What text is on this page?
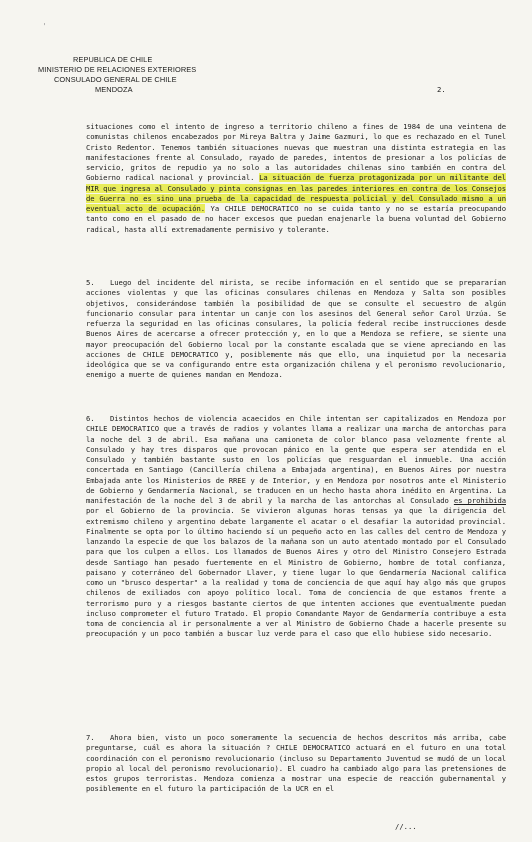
'
REPUBLICA DE CHILE
MINISTERIO DE RELACIONES EXTERIORES
CONSULADO GENERAL DE CHILE
MENDOZA	2.
situaciones como el intento de ingreso a territorio chileno a fines de 1984 de una veintena de comunistas chilenos encabezados por Mireya Baltra y Jaime Gazmuri, lo que es rechazado en el Tunel Cristo Redentor. Tenemos también situaciones nuevas que muestran una distinta estrategia en las manifestaciones frente al Consulado, rayado de paredes, intentos de presionar a los policías de servicio, gritos de repudio ya no solo a las autoridades chilenas sino también en contra del Gobierno radical nacional y provincial. La situación de fuerza protagonizada por un militante del MIR que ingresa al Consulado y pinta consignas en las paredes interiores en contra de los Consejos de Guerra no es sino una prueba de la capacidad de respuesta policial y del Consulado mismo a un eventual acto de ocupación. Ya CHILE DEMOCRATICO no se cuida tanto y no se estaría preocupando tanto como en el pasado de no hacer excesos que puedan enajenarle la buena voluntad del Gobierno radical, hasta allí extremadamente permisivo y tolerante.
5. Luego del incidente del mirista, se recibe información en el sentido que se prepararían acciones violentas y que las oficinas consulares chilenas en Mendoza y Salta son posibles objetivos, considerándose también la posibilidad de que se consulte el secuestro de algún funcionario consular para intentar un canje con los asesinos del General señor Carol Urzúa. Se refuerza la seguridad en las oficinas consulares, la policía federal recibe instrucciones desde Buenos Aires de acercarse a ofrecer protección y, en lo que a Mendoza se refiere, se siente una mayor preocupación del Gobierno local por la constante escalada que se viene apreciando en las acciones de CHILE DEMOCRATICO y, posiblemente más que ello, una inquietud por la necesaria ideológica que se va configurando entre esta organización chilena y el peronismo revolucionario, enemigo a muerte de quienes mandan en Mendoza.
6. Distintos hechos de violencia acaecidos en Chile intentan ser capitalizados en Mendoza por CHILE DEMOCRATICO que a través de radios y volantes llama a realizar una marcha de antorchas para la noche del 3 de abril. Esa mañana una camioneta de color blanco pasa velozmente frente al Consulado y hay tres disparos que provocan pánico en la gente que espera ser atendida en el Consulado y también bastante susto en los policías que resguardan el inmueble. Una acción concertada en Santiago (Cancillería chilena a Embajada argentina), en Buenos Aires por nuestra Embajada ante los Ministerios de RREE y de Interior, y en Mendoza por nosotros ante el Ministerio de Gobierno y Gendarmería Nacional, se traducen en un hecho hasta ahora inédito en Argentina. La manifestación de la noche del 3 de abril y la marcha de las antorchas al Consulado es prohibida por el Gobierno de la provincia. Se vivieron algunas horas tensas ya que la dirigencia del extremismo chileno y argentino debate largamente el acatar o el desafiar la autoridad provincial. Finalmente se opta por lo último haciendo sí un pequeño acto en las calles del centro de Mendoza y lanzando la especie de que los balazos de la mañana son un auto atentado montado por el Consulado para que los culpen a ellos. Los llamados de Buenos Aires y otro del Ministro Consejero Estrada desde Santiago han pesado fuertemente en el Ministro de Gobierno, hombre de total confianza, paisano y coterráneo del Gobernador Llaver, y tiene lugar lo que Gendarmería Nacional califica como un "brusco despertar" a la realidad y toma de conciencia de que aquí hay algo más que grupos chilenos de exiliados con apoyo político local. Toma de conciencia de que estamos frente a terrorismo puro y a riesgos bastante ciertos de que intenten acciones que eventualmente puedan incluso comprometer el futuro Tratado. El propio Comandante Mayor de Gendarmería contribuye a esta toma de conciencia al ir personalmente a ver al Ministro de Gobierno Chade a hacerle presente su preocupación y un poco también a buscar luz verde para el caso que ello hubiese sido necesario.
7. Ahora bien, visto un poco someramente la secuencia de hechos descritos más arriba, cabe preguntarse, cuál es ahora la situación ? CHILE DEMOCRATICO actuará en el futuro en una total coordinación con el peronismo revolucionario (incluso su Departamento Juventud se mudó de un local propio al local del peronismo revolucionario). El cuadro ha cambiado algo para las pretensiones de estos grupos terroristas. Mendoza comienza a mostrar una especie de reacción gubernamental y posiblemente en el futuro la participación de la UCR en el
//...
